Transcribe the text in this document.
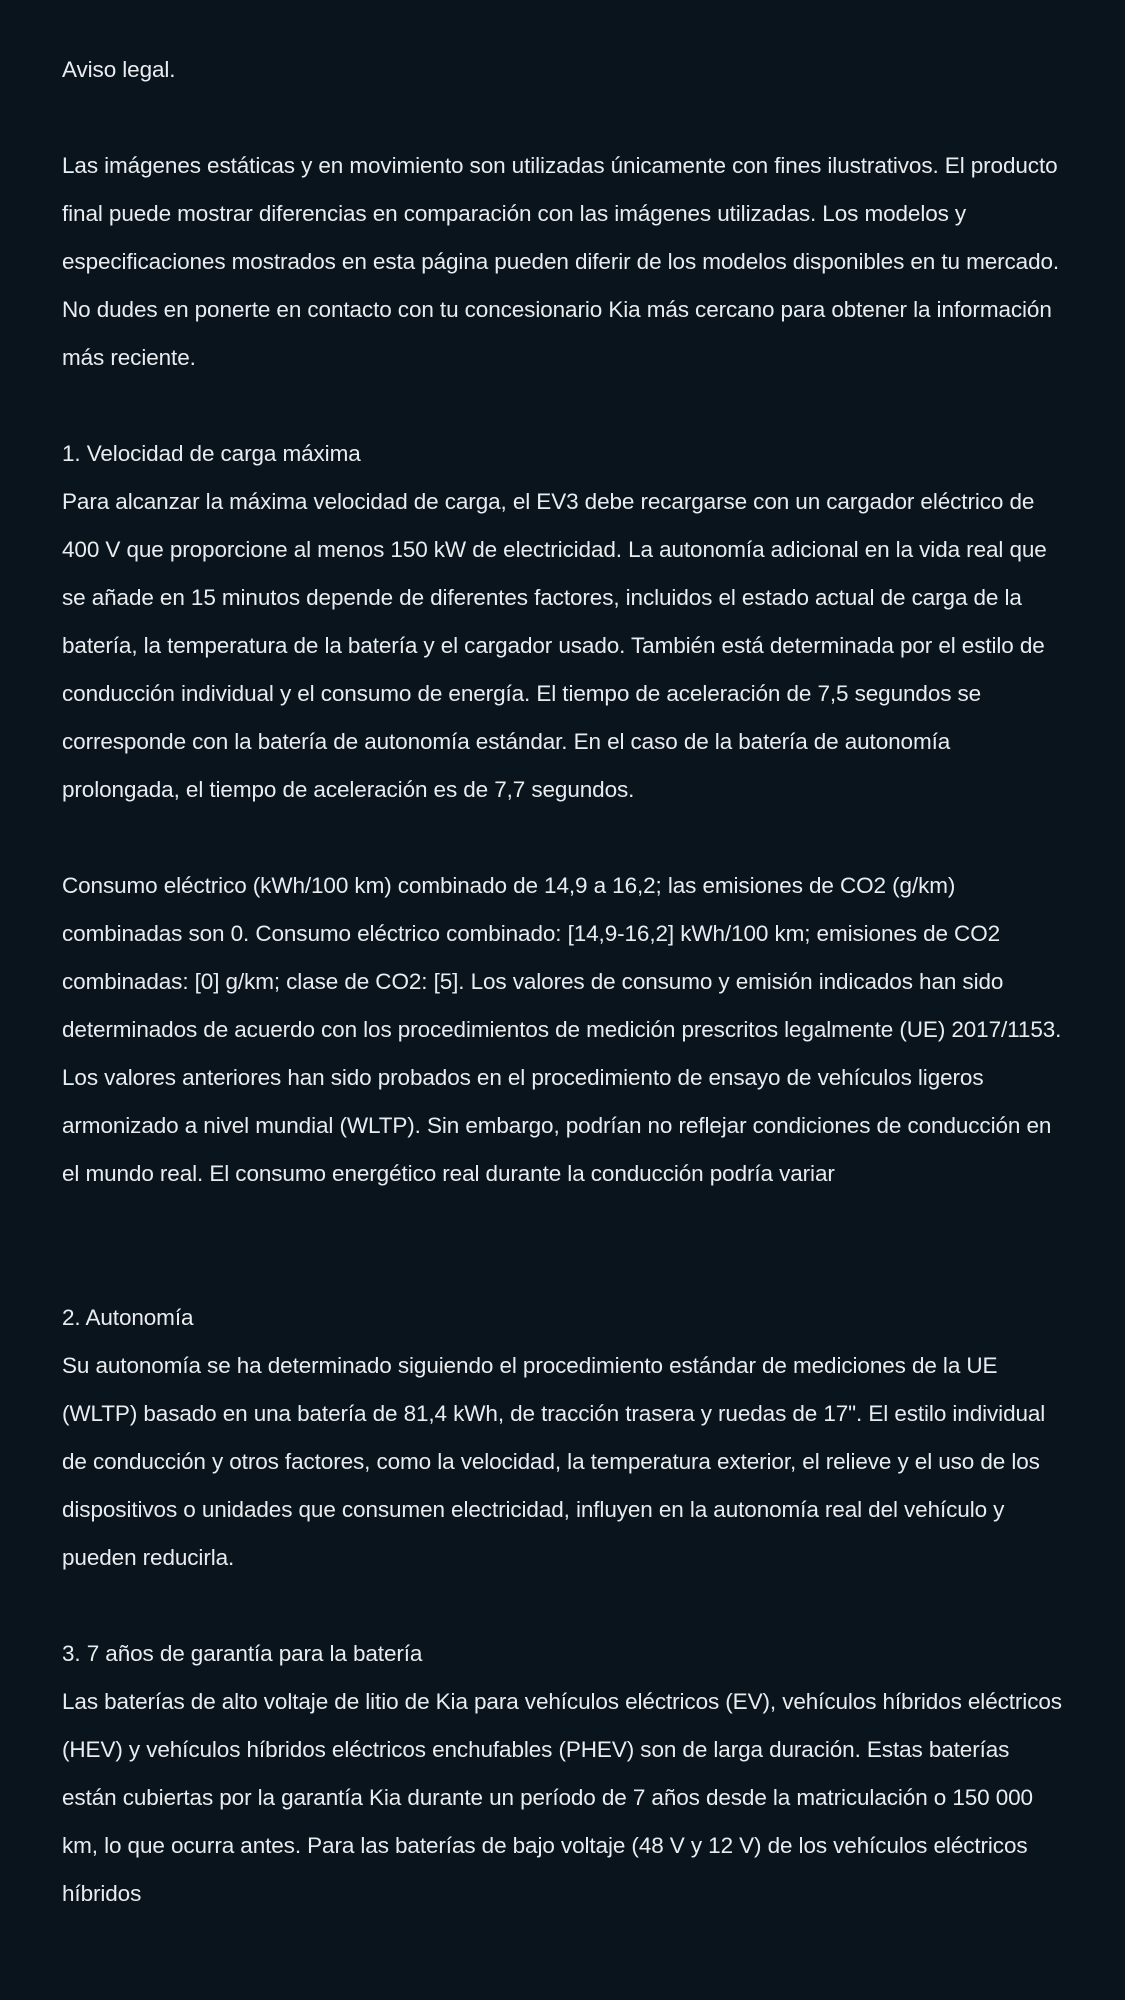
Aviso legal.

Las imágenes estáticas y en movimiento son utilizadas únicamente con fines ilustrativos. El producto final puede mostrar diferencias en comparación con las imágenes utilizadas. Los modelos y especificaciones mostrados en esta página pueden diferir de los modelos disponibles en tu mercado. No dudes en ponerte en contacto con tu concesionario Kia más cercano para obtener la información más reciente.

1. Velocidad de carga máxima

Para alcanzar la máxima velocidad de carga, el EV3 debe recargarse con un cargador eléctrico de 400 V que proporcione al menos 150 kW de electricidad. La autonomía adicional en la vida real que se añade en 15 minutos depende de diferentes factores, incluidos el estado actual de carga de la batería, la temperatura de la batería y el cargador usado. También está determinada por el estilo de conducción individual y el consumo de energía. El tiempo de aceleración de 7,5 segundos se corresponde con la batería de autonomía estándar. En el caso de la batería de autonomía prolongada, el tiempo de aceleración es de 7,7 segundos.

Consumo eléctrico (kWh/100 km) combinado de 14,9 a 16,2; las emisiones de CO2 (g/km) combinadas son 0. Consumo eléctrico combinado: [14,9-16,2] kWh/100 km; emisiones de CO2 combinadas: [0] g/km; clase de CO2: [5]. Los valores de consumo y emisión indicados han sido determinados de acuerdo con los procedimientos de medición prescritos legalmente (UE) 2017/1153. Los valores anteriores han sido probados en el procedimiento de ensayo de vehículos ligeros armonizado a nivel mundial (WLTP). Sin embargo, podrían no reflejar condiciones de conducción en el mundo real. El consumo energético real durante la conducción podría variar

2. Autonomía

Su autonomía se ha determinado siguiendo el procedimiento estándar de mediciones de la UE (WLTP) basado en una batería de 81,4 kWh, de tracción trasera y ruedas de 17". El estilo individual de conducción y otros factores, como la velocidad, la temperatura exterior, el relieve y el uso de los dispositivos o unidades que consumen electricidad, influyen en la autonomía real del vehículo y pueden reducirla.

3. 7 años de garantía para la batería

Las baterías de alto voltaje de litio de Kia para vehículos eléctricos (EV), vehículos híbridos eléctricos (HEV) y vehículos híbridos eléctricos enchufables (PHEV) son de larga duración. Estas baterías están cubiertas por la garantía Kia durante un período de 7 años desde la matriculación o 150 000 km, lo que ocurra antes. Para las baterías de bajo voltaje (48 V y 12 V) de los vehículos eléctricos híbridos
